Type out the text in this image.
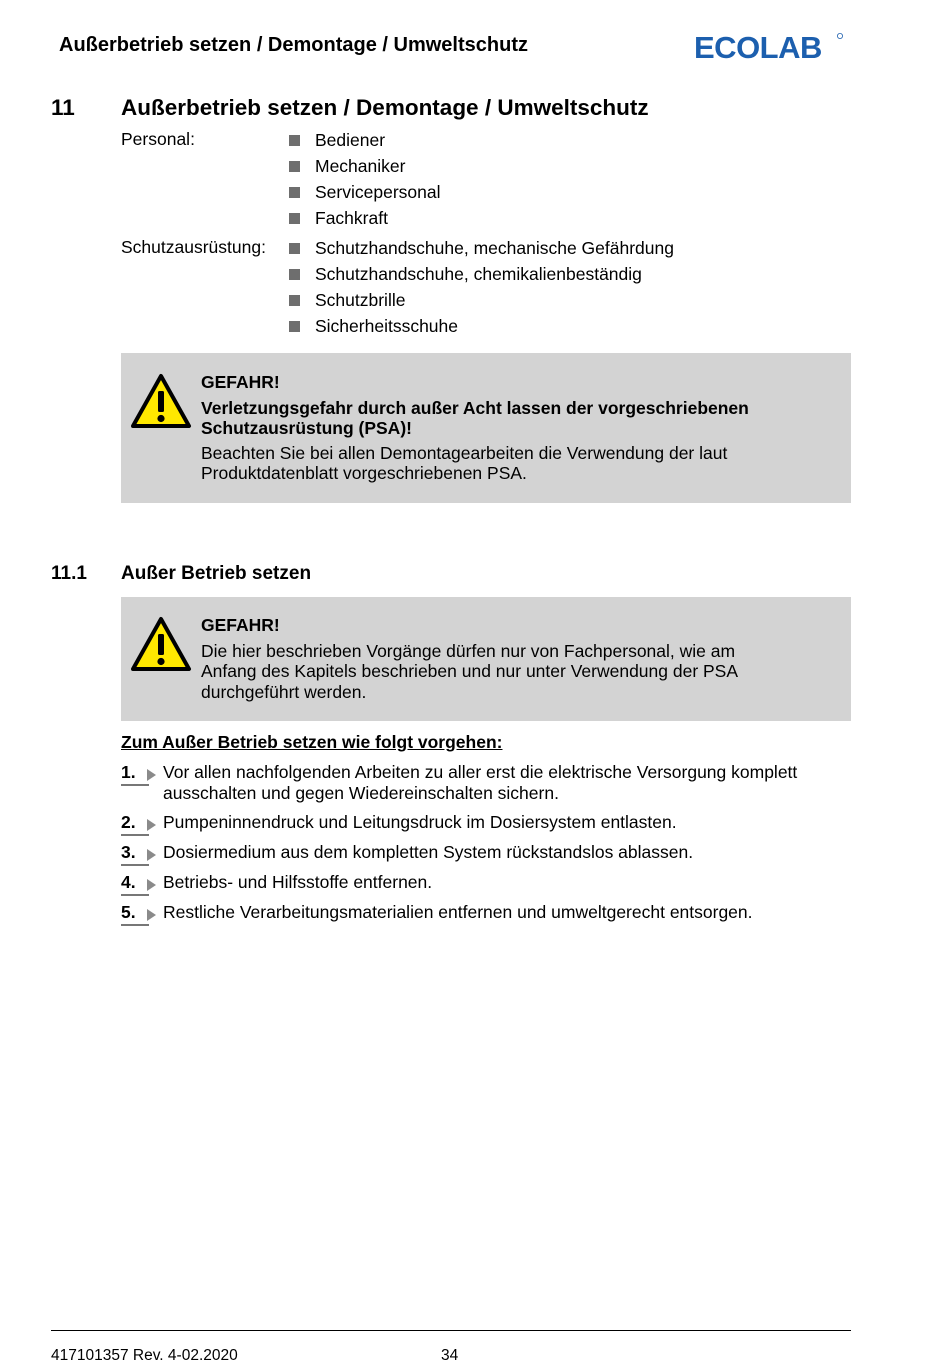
Außerbetrieb setzen / Demontage / Umweltschutz	ECOLAB
11 Außerbetrieb setzen / Demontage / Umweltschutz
Personal:	Bediener
Mechaniker
Servicepersonal
Fachkraft
Schutzausrüstung:	Schutzhandschuhe, mechanische Gefährdung
Schutzhandschuhe, chemikalienbeständig
Schutzbrille
Sicherheitsschuhe
GEFAHR!
Verletzungsgefahr durch außer Acht lassen der vorgeschriebenen
Schutzausrüstung (PSA)!
Beachten Sie bei allen Demontagearbeiten die Verwendung der laut
Produktdatenblatt vorgeschriebenen PSA.
11.1 Außer Betrieb setzen
GEFAHR!
Die hier beschrieben Vorgänge dürfen nur von Fachpersonal, wie am
Anfang des Kapitels beschrieben und nur unter Verwendung der PSA
durchgeführt werden.
Zum Außer Betrieb setzen wie folgt vorgehen:
1.	Vor allen nachfolgenden Arbeiten zu aller erst die elektrische Versorgung komplett
ausschalten und gegen Wiedereinschalten sichern.
2.	Pumpeninnendruck und Leitungsdruck im Dosiersystem entlasten.
3.	Dosiermedium aus dem kompletten System rückstandslos ablassen.
4.	Betriebs- und Hilfsstoffe entfernen.
5.	Restliche Verarbeitungsmaterialien entfernen und umweltgerecht entsorgen.
417101357 Rev. 4-02.2020	34
